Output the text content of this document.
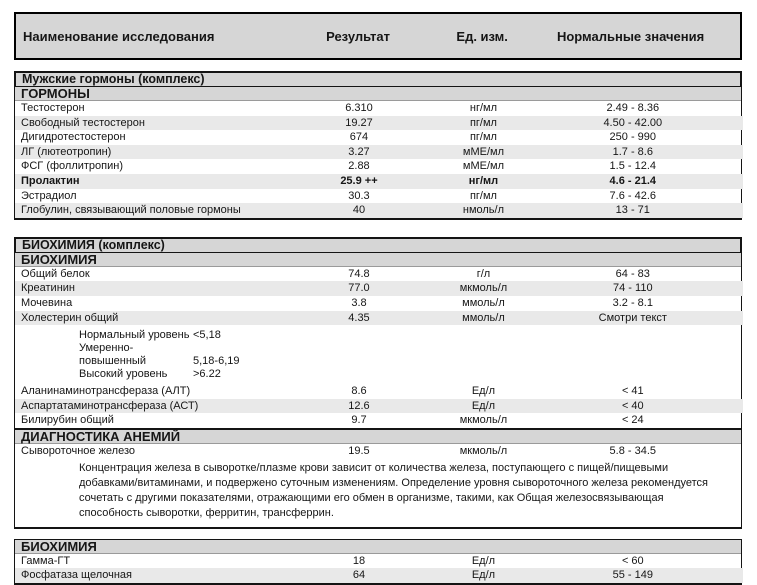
Наименование исследования	Результат	Ед. изм.	Нормальные значения
Мужские гормоны (комплекс)
ГОРМОНЫ
Тестостерон	6.310	нг/мл	2.49 - 8.36
Свободный тестостерон	19.27	пг/мл	4.50 - 42.00
Дигидротестостерон	674	пг/мл	250 - 990
ЛГ (лютеотропин)	3.27	мМЕ/мл	1.7 - 8.6
ФСГ (фоллитропин)	2.88	мМЕ/мл	1.5 - 12.4
Пролактин	25.9 ++	нг/мл	4.6 - 21.4
Эстрадиол	30.3	пг/мл	7.6 - 42.6
Глобулин, связывающий половые гормоны	40	нмоль/л	13 - 71
БИОХИМИЯ (комплекс)
БИОХИМИЯ
Общий белок	74.8	г/л	64 - 83
Креатинин	77.0	мкмоль/л	74 - 110
Мочевина	3.8	ммоль/л	3.2 - 8.1
Холестерин общий	4.35	ммоль/л	Смотри текст

Нормальный уровень <5,18
Умеренно-повышенный 5,18-6,19
Высокий уровень >6.22			

Аланинаминотрансфераза (АЛТ)	8.6	Ед/л	< 41
Аспартатаминотрансфераза (АСТ)	12.6	Ед/л	< 40
Билирубин общий	9.7	мкмоль/л	< 24
ДИАГНОСТИКА АНЕМИЙ
Сывороточное железо	19.5	мкмоль/л	5.8 - 34.5

Концентрация железа в сыворотке/плазме крови зависит от количества железа, поступающего с пищей/пищевыми добавками/витаминами, и подвержено суточным изменениям. Определение уровня сывороточного железа рекомендуется сочетать с другими показателями, отражающими его обмен в организме, такими, как Общая железосвязывающая способность сыворотки, ферритин, трансферрин.
БИОХИМИЯ
Гамма-ГТ	18	Ед/л	< 60
Фосфатаза щелочная	64	Ед/л	55 - 149
